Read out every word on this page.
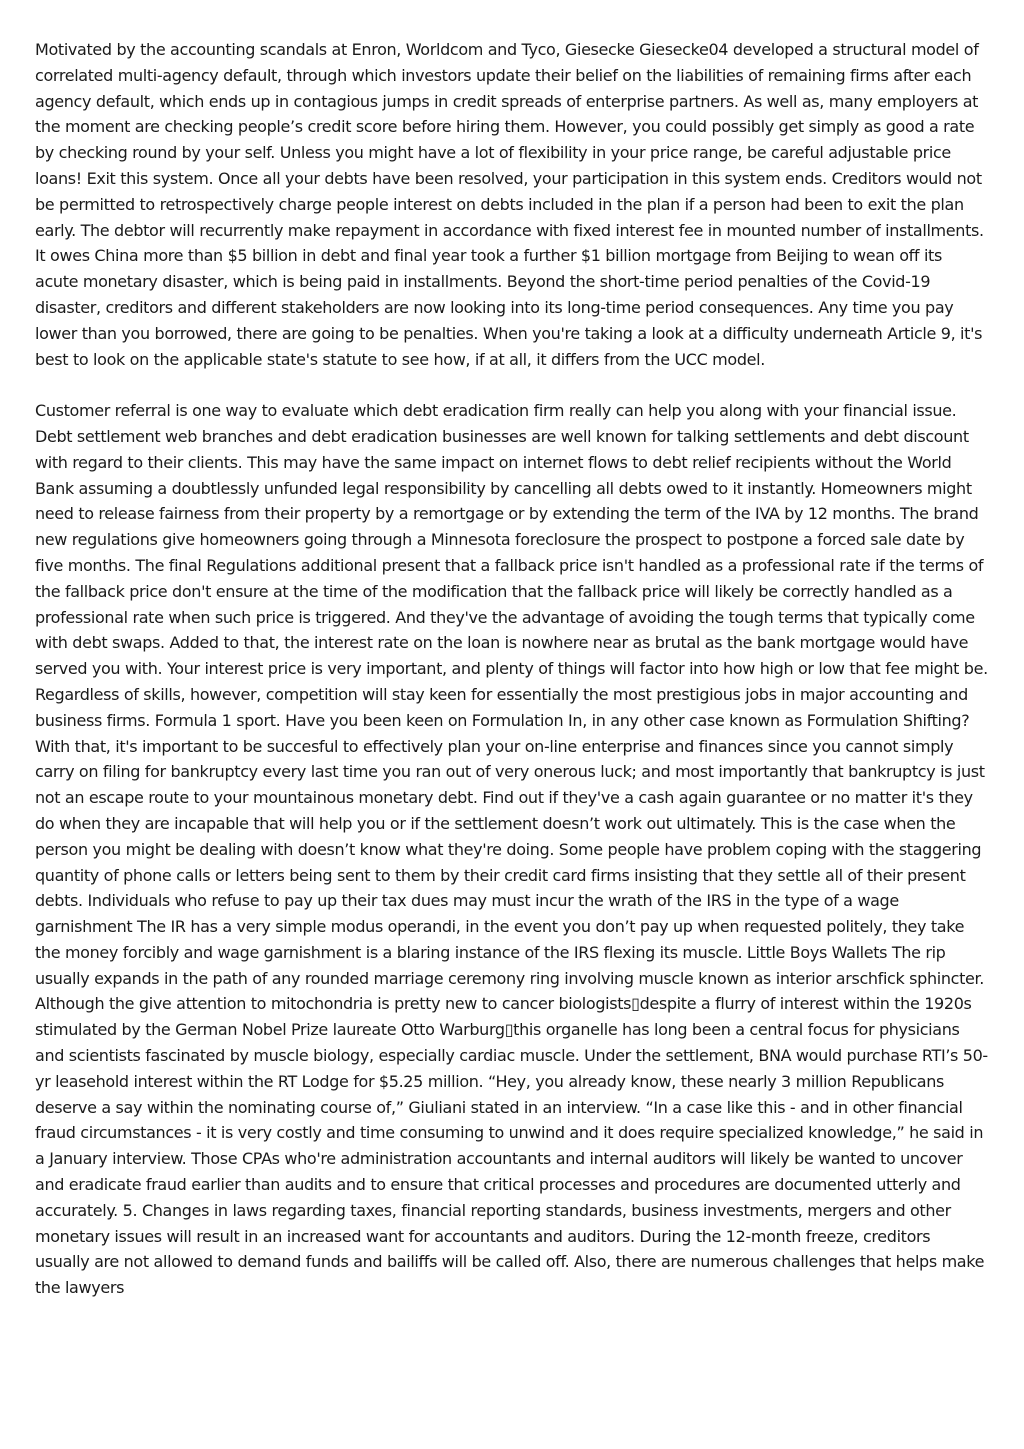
Motivated by the accounting scandals at Enron, Worldcom and Tyco, Giesecke Giesecke04 developed a structural model of correlated multi-agency default, through which investors update their belief on the liabilities of remaining firms after each agency default, which ends up in contagious jumps in credit spreads of enterprise partners. As well as, many employers at the moment are checking people’s credit score before hiring them. However, you could possibly get simply as good a rate by checking round by your self. Unless you might have a lot of flexibility in your price range, be careful adjustable price loans! Exit this system. Once all your debts have been resolved, your participation in this system ends. Creditors would not be permitted to retrospectively charge people interest on debts included in the plan if a person had been to exit the plan early. The debtor will recurrently make repayment in accordance with fixed interest fee in mounted number of installments. It owes China more than $5 billion in debt and final year took a further $1 billion mortgage from Beijing to wean off its acute monetary disaster, which is being paid in installments. Beyond the short-time period penalties of the Covid-19 disaster, creditors and different stakeholders are now looking into its long-time period consequences. Any time you pay lower than you borrowed, there are going to be penalties. When you're taking a look at a difficulty underneath Article 9, it's best to look on the applicable state's statute to see how, if at all, it differs from the UCC model.

Customer referral is one way to evaluate which debt eradication firm really can help you along with your financial issue. Debt settlement web branches and debt eradication businesses are well known for talking settlements and debt discount with regard to their clients. This may have the same impact on internet flows to debt relief recipients without the World Bank assuming a doubtlessly unfunded legal responsibility by cancelling all debts owed to it instantly. Homeowners might need to release fairness from their property by a remortgage or by extending the term of the IVA by 12 months. The brand new regulations give homeowners going through a Minnesota foreclosure the prospect to postpone a forced sale date by five months. The final Regulations additional present that a fallback price isn't handled as a professional rate if the terms of the fallback price don't ensure at the time of the modification that the fallback price will likely be correctly handled as a professional rate when such price is triggered. And they've the advantage of avoiding the tough terms that typically come with debt swaps. Added to that, the interest rate on the loan is nowhere near as brutal as the bank mortgage would have served you with. Your interest price is very important, and plenty of things will factor into how high or low that fee might be. Regardless of skills, however, competition will stay keen for essentially the most prestigious jobs in major accounting and business firms. Formula 1 sport. Have you been keen on Formulation In, in any other case known as Formulation Shifting? With that, it's important to be succesful to effectively plan your on-line enterprise and finances since you cannot simply carry on filing for bankruptcy every last time you ran out of very onerous luck; and most importantly that bankruptcy is just not an escape route to your mountainous monetary debt. Find out if they've a cash again guarantee or no matter it's they do when they are incapable that will help you or if the settlement doesn’t work out ultimately. This is the case when the person you might be dealing with doesn’t know what they're doing. Some people have problem coping with the staggering quantity of phone calls or letters being sent to them by their credit card firms insisting that they settle all of their present debts. Individuals who refuse to pay up their tax dues may must incur the wrath of the IRS in the type of a wage garnishment The IR has a very simple modus operandi, in the event you don’t pay up when requested politely, they take the money forcibly and wage garnishment is a blaring instance of the IRS flexing its muscle. Little Boys Wallets The rip usually expands in the path of any rounded marriage ceremony ring involving muscle known as interior arschfick sphincter. Although the give attention to mitochondria is pretty new to cancer biologists▯despite a flurry of interest within the 1920s stimulated by the German Nobel Prize laureate Otto Warburg▯this organelle has long been a central focus for physicians and scientists fascinated by muscle biology, especially cardiac muscle. Under the settlement, BNA would purchase RTI’s 50-yr leasehold interest within the RT Lodge for $5.25 million. “Hey, you already know, these nearly 3 million Republicans deserve a say within the nominating course of,” Giuliani stated in an interview. “In a case like this - and in other financial fraud circumstances - it is very costly and time consuming to unwind and it does require specialized knowledge,” he said in a January interview. Those CPAs who're administration accountants and internal auditors will likely be wanted to uncover and eradicate fraud earlier than audits and to ensure that critical processes and procedures are documented utterly and accurately. 5. Changes in laws regarding taxes, financial reporting standards, business investments, mergers and other monetary issues will result in an increased want for accountants and auditors. During the 12-month freeze, creditors usually are not allowed to demand funds and bailiffs will be called off. Also, there are numerous challenges that helps make the lawyers
